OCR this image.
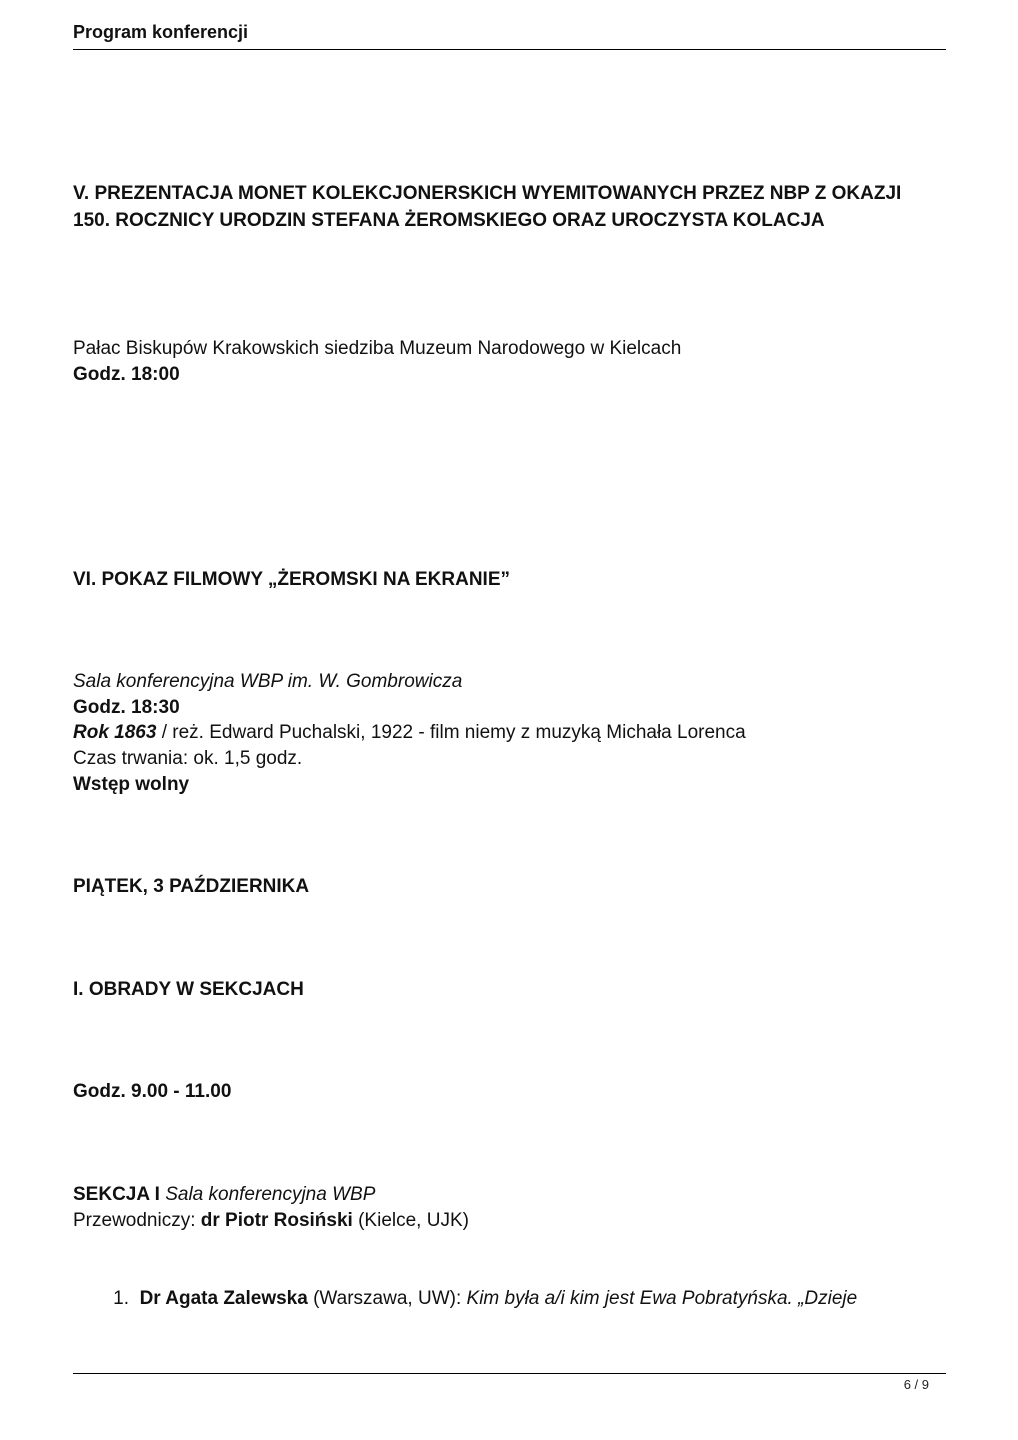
Program konferencji

V. PREZENTACJA MONET KOLEKCJONERSKICH WYEMITOWANYCH PRZEZ NBP Z OKAZJI 150. ROCZNICY URODZIN STEFANA ŻEROMSKIEGO ORAZ UROCZYSTA KOLACJA

Pałac Biskupów Krakowskich siedziba Muzeum Narodowego w Kielcach

Godz. 18:00

VI. POKAZ FILMOWY „ŻEROMSKI NA EKRANIE”

Sala konferencyjna WBP im. W. Gombrowicza

Godz. 18:30

Rok 1863 / reż. Edward Puchalski, 1922 - film niemy z muzyką Michała Lorenca

Czas trwania: ok. 1,5 godz.

Wstęp wolny

PIĄTEK, 3 PAŹDZIERNIKA

I. OBRADY W SEKCJACH

Godz. 9.00 - 11.00

SEKCJA I Sala konferencyjna WBP

Przewodniczy: dr Piotr Rosiński (Kielce, UJK)

1. Dr Agata Zalewska (Warszawa, UW): Kim była a/i kim jest Ewa Pobratyńska. „Dzieje
6 / 9
